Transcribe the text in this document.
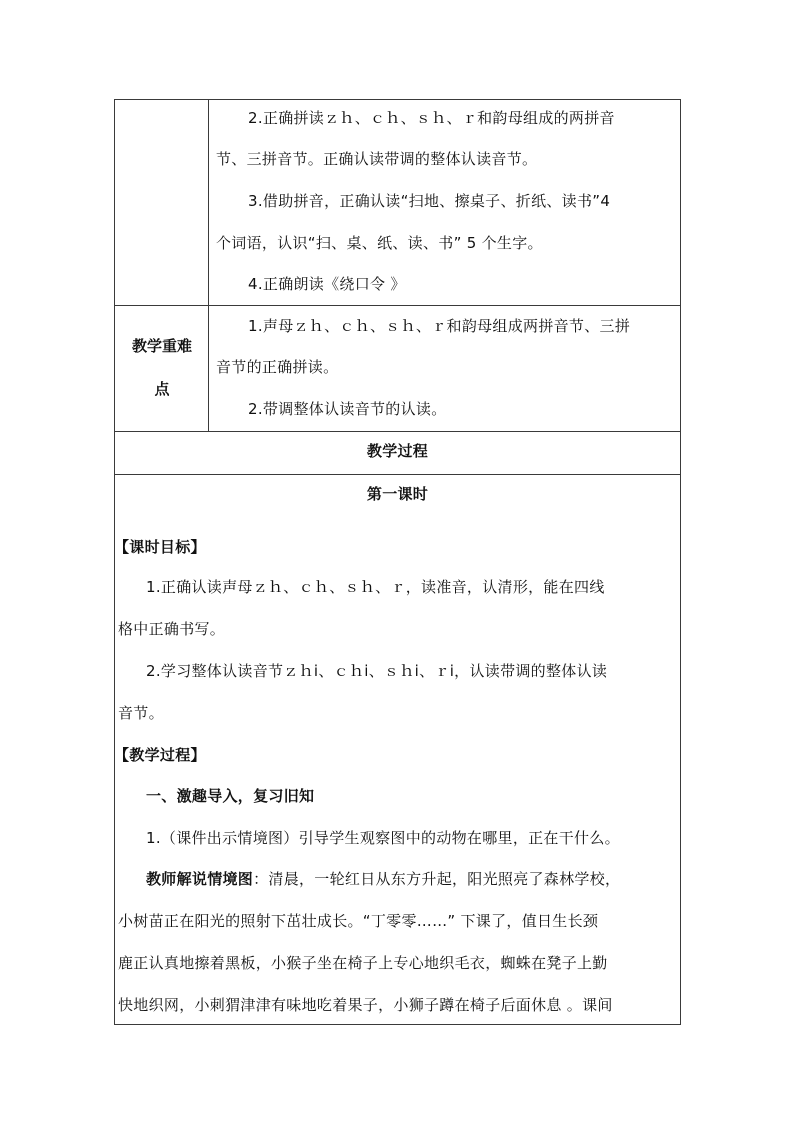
2.正确拼读ｚｈ、ｃｈ、ｓｈ、ｒ和韵母组成的两拼音
节、三拼音节。正确认读带调的整体认读音节。
3.借助拼音，正确认读“扫地、擦桌子、折纸、读书”4
个词语，认识“扫、桌、纸、读、书” 5 个生字。
4.正确朗读《绕口令 》
教学重难
点
1.声母ｚｈ、ｃｈ、ｓｈ、ｒ和韵母组成两拼音节、三拼
音节的正确拼读。
2.带调整体认读音节的认读。
教学过程
第一课时
【课时目标】
1.正确认读声母ｚｈ、ｃｈ、ｓｈ、ｒ，读准音，认清形，能在四线
格中正确书写。
2.学习整体认读音节ｚｈi、ｃｈi、ｓｈi、ｒi，认读带调的整体认读
音节。
【教学过程】
一、激趣导入，复习旧知
1.（课件出示情境图）引导学生观察图中的动物在哪里，正在干什么。
教师解说情境图：清晨，一轮红日从东方升起，阳光照亮了森林学校，
小树苗正在阳光的照射下茁壮成长。“丁零零……” 下课了，值日生长颈
鹿正认真地擦着黑板，小猴子坐在椅子上专心地织毛衣，蜘蛛在凳子上勤
快地织网，小刺猬津津有味地吃着果子，小狮子蹲在椅子后面休息 。课间
